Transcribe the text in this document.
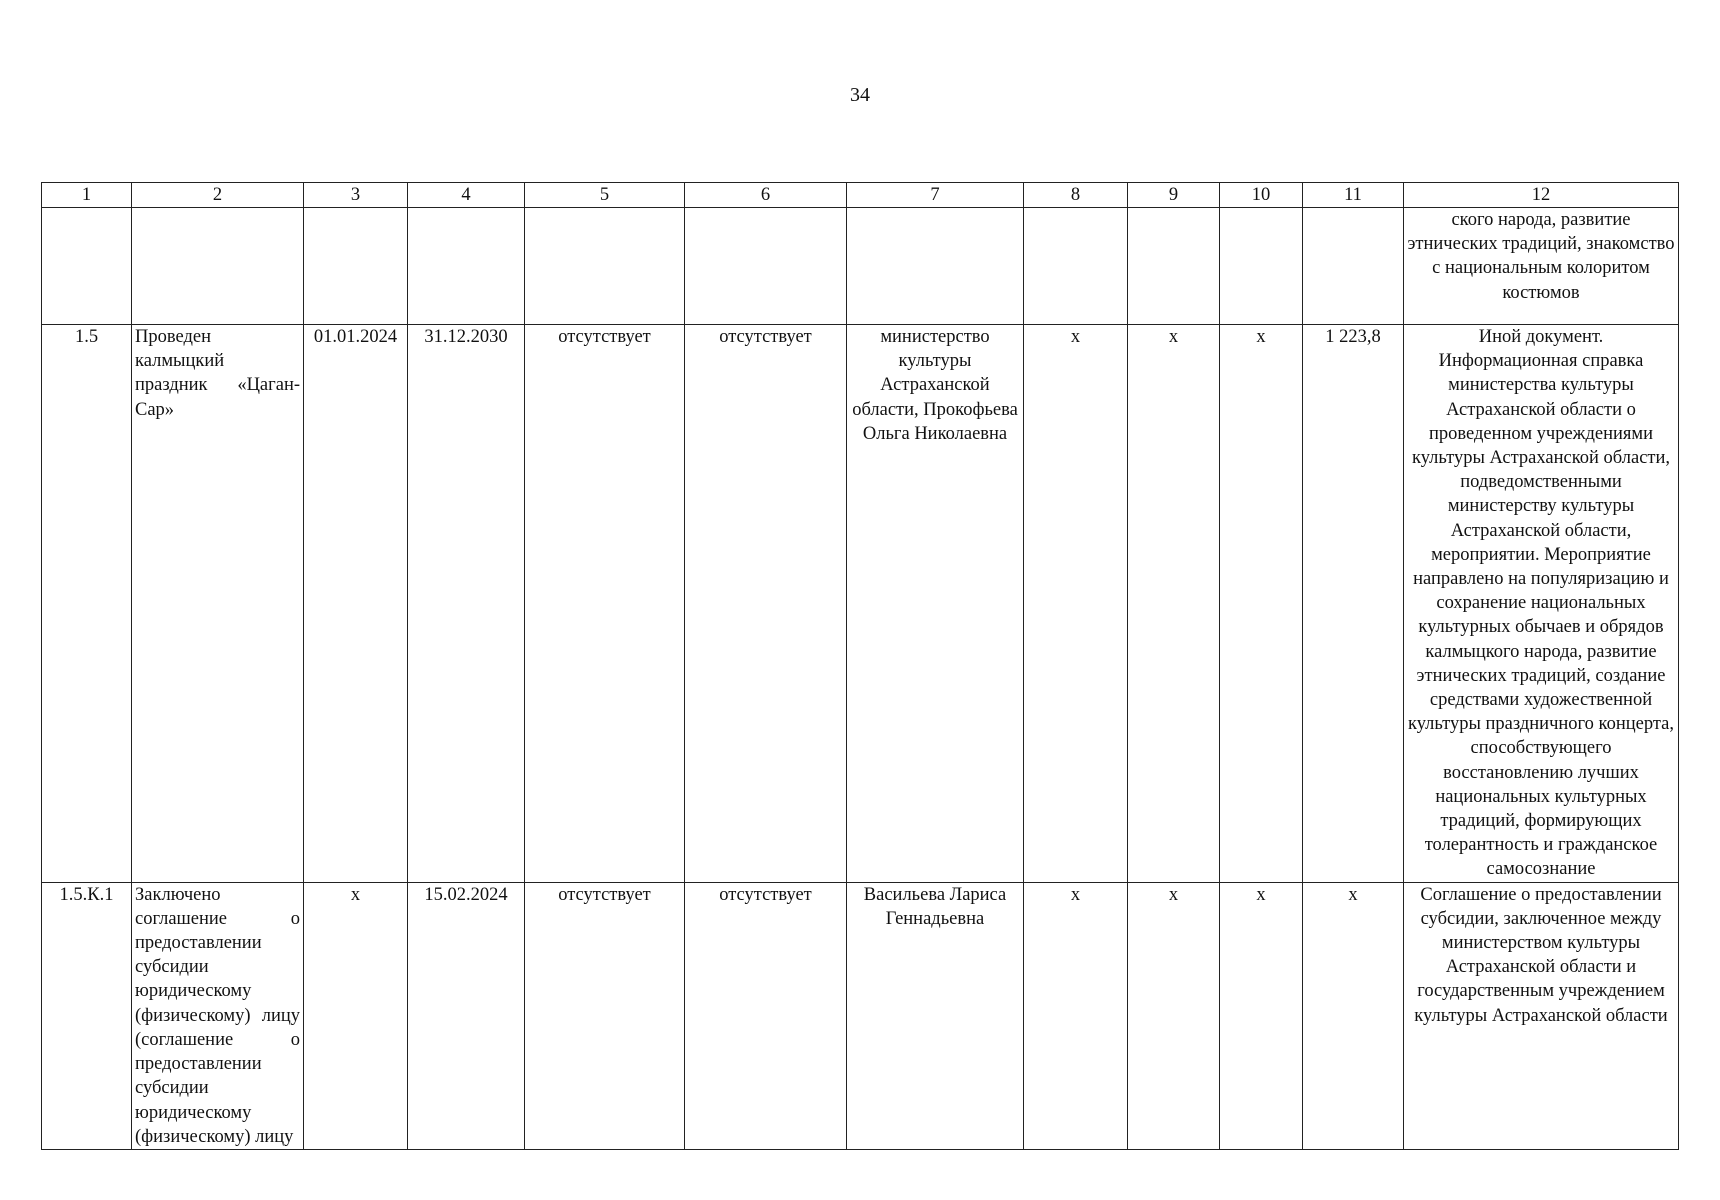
34
1	2	3	4	5	6	7	8	9	10	11	12
											ского народа, развитие этнических традиций, знакомство с национальным колоритом костюмов
1.5	Проведен калмыцкий праздник «Цаган-Сар»	01.01.2024	31.12.2030	отсутствует	отсутствует	министерство культуры Астраханской области, Прокофьева Ольга Николаевна	х	х	х	1 223,8	Иной документ. Информационная справка министерства культуры Астраханской области о проведенном учреждениями культуры Астраханской области, подведомственными министерству культуры Астраханской области, мероприятии. Мероприятие направлено на популяризацию и сохранение национальных культурных обычаев и обрядов калмыцкого народа, развитие этнических традиций, создание средствами художественной культуры праздничного концерта, способствующего восстановлению лучших национальных культурных традиций, формирующих толерантность и гражданское самосознание
1.5.К.1	Заключено соглашение о предоставлении субсидии юридическому (физическому) лицу (соглашение о предоставлении субсидии юридическому (физическому) лицу	х	15.02.2024	отсутствует	отсутствует	Васильева Лариса Геннадьевна	х	х	х	х	Соглашение о предоставлении субсидии, заключенное между министерством культуры Астраханской области и государственным учреждением культуры Астраханской области
